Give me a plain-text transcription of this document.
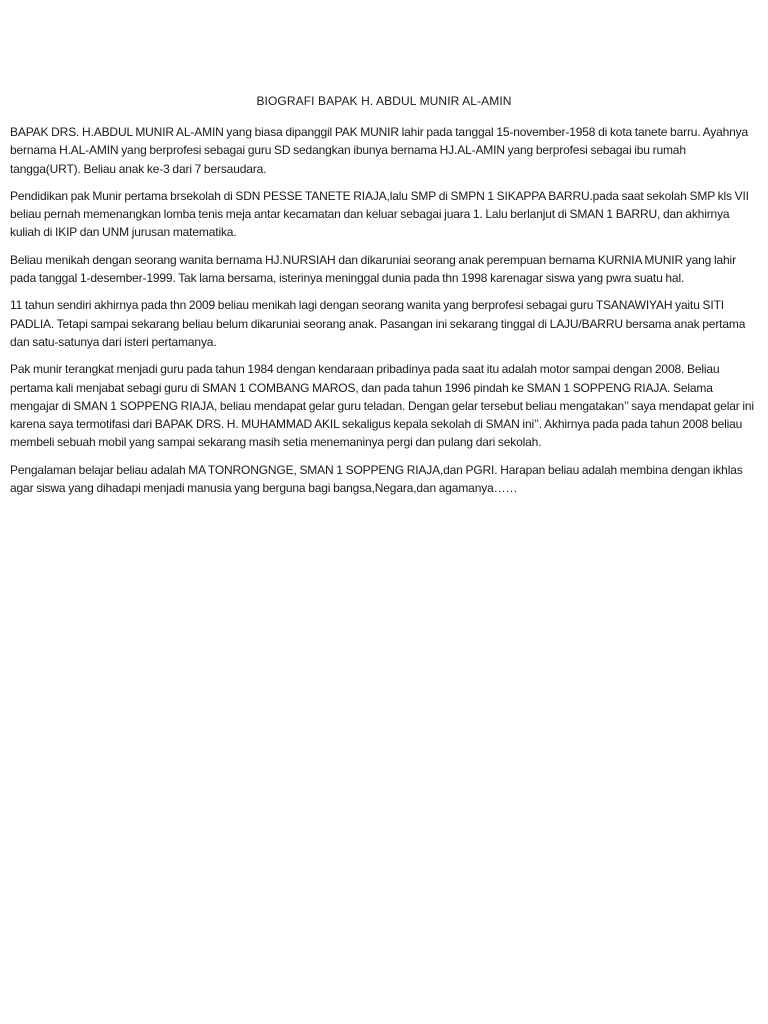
BIOGRAFI BAPAK H. ABDUL MUNIR AL-AMIN

BAPAK DRS. H.ABDUL MUNIR AL-AMIN yang biasa dipanggil PAK MUNIR lahir pada tanggal 15-november-1958 di kota tanete barru. Ayahnya bernama H.AL-AMIN yang berprofesi sebagai guru SD sedangkan ibunya bernama HJ.AL-AMIN yang berprofesi sebagai ibu rumah tangga(URT). Beliau anak ke-3 dari 7 bersaudara.

Pendidikan pak Munir pertama brsekolah di SDN PESSE TANETE RIAJA,lalu SMP di SMPN 1 SIKAPPA BARRU.pada saat sekolah SMP kls VII beliau pernah memenangkan lomba tenis meja antar kecamatan dan keluar sebagai juara 1. Lalu berlanjut di SMAN 1 BARRU, dan akhirnya kuliah di IKIP dan UNM jurusan matematika.

Beliau menikah dengan seorang wanita bernama HJ.NURSIAH dan dikaruniai seorang anak perempuan bernama KURNIA MUNIR yang lahir pada tanggal 1-desember-1999. Tak lama bersama, isterinya meninggal dunia pada thn 1998 karenagar siswa yang pwra suatu hal.

11 tahun sendiri akhirnya pada thn 2009 beliau menikah lagi dengan seorang wanita yang berprofesi sebagai guru TSANAWIYAH yaitu SITI PADLIA. Tetapi sampai sekarang beliau belum dikaruniai seorang anak. Pasangan ini sekarang tinggal di LAJU/BARRU bersama anak pertama dan satu-satunya dari isteri pertamanya.

Pak munir terangkat menjadi guru pada tahun 1984 dengan kendaraan pribadinya pada saat itu adalah motor sampai dengan 2008. Beliau pertama kali menjabat sebagi guru di SMAN 1 COMBANG MAROS, dan pada tahun 1996 pindah ke SMAN 1 SOPPENG RIAJA. Selama mengajar di SMAN 1 SOPPENG RIAJA, beliau mendapat gelar guru teladan. Dengan gelar tersebut beliau mengatakan’’ saya mendapat gelar ini karena saya termotifasi dari BAPAK DRS. H. MUHAMMAD AKIL sekaligus kepala sekolah di SMAN ini’’. Akhirnya pada pada tahun 2008 beliau membeli sebuah mobil yang sampai sekarang masih setia menemaninya pergi dan pulang dari sekolah.

Pengalaman belajar beliau adalah MA TONRONGNGE, SMAN 1 SOPPENG RIAJA,dan PGRI. Harapan beliau adalah membina dengan ikhlas agar siswa yang dihadapi menjadi manusia yang berguna bagi bangsa,Negara,dan agamanya……
